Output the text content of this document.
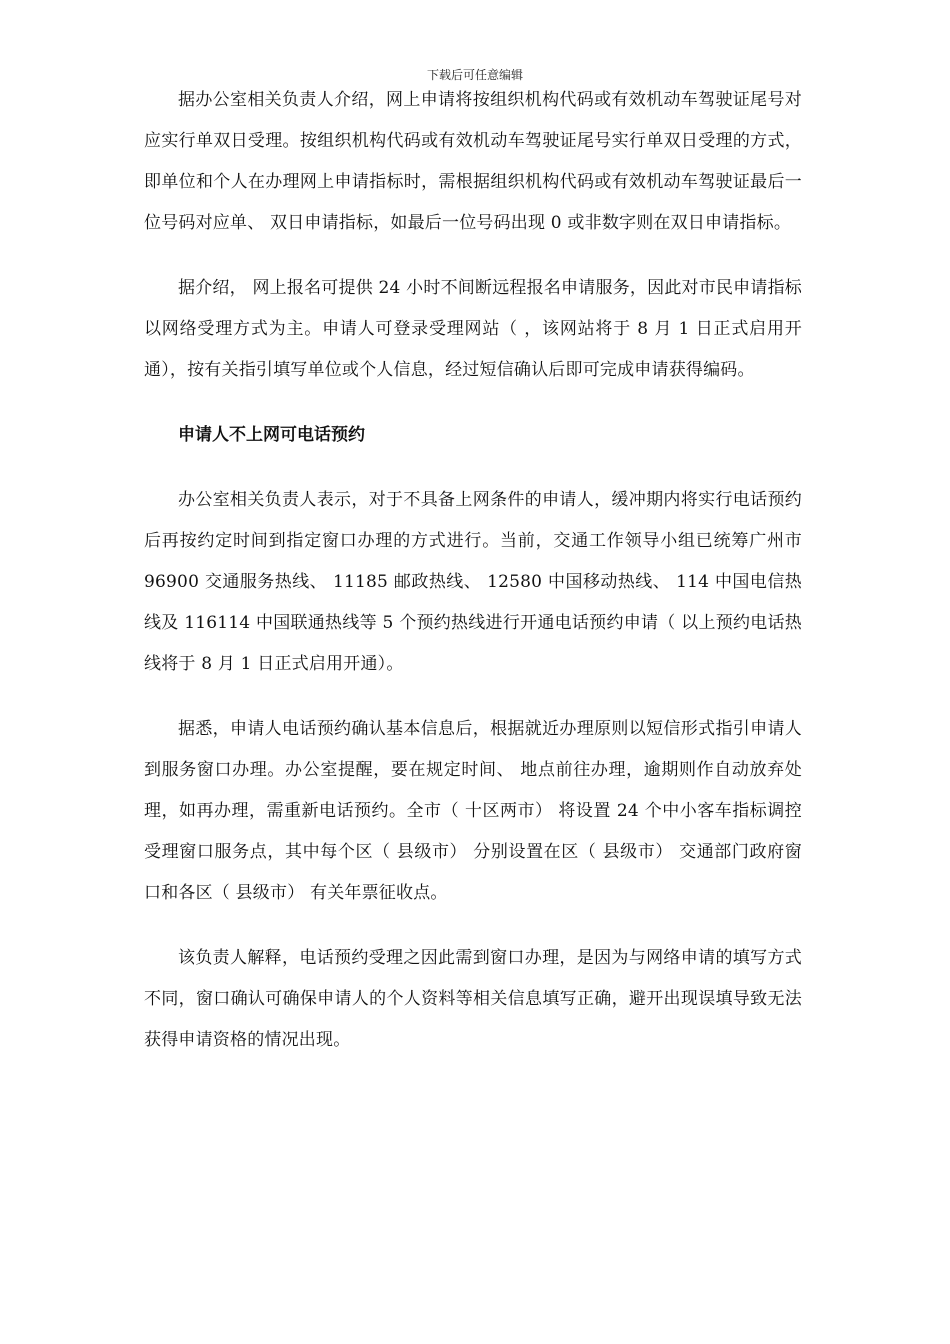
下载后可任意编辑

据办公室相关负责人介绍，网上申请将按组织机构代码或有效机动车驾驶证尾号对应实行单双日受理。按组织机构代码或有效机动车驾驶证尾号实行单双日受理的方式，即单位和个人在办理网上申请指标时，需根据组织机构代码或有效机动车驾驶证最后一位号码对应单、 双日申请指标，如最后一位号码出现 0 或非数字则在双日申请指标。

据介绍， 网上报名可提供 24 小时不间断远程报名申请服务，因此对市民申请指标以网络受理方式为主。申请人可登录受理网站（ ，该网站将于 8 月 1 日正式启用开通），按有关指引填写单位或个人信息，经过短信确认后即可完成申请获得编码。

申请人不上网可电话预约

办公室相关负责人表示，对于不具备上网条件的申请人，缓冲期内将实行电话预约后再按约定时间到指定窗口办理的方式进行。当前，交通工作领导小组已统筹广州市 96900 交通服务热线、 11185 邮政热线、 12580 中国移动热线、 114 中国电信热线及 116114 中国联通热线等 5 个预约热线进行开通电话预约申请（ 以上预约电话热线将于 8 月 1 日正式启用开通）。

据悉，申请人电话预约确认基本信息后，根据就近办理原则以短信形式指引申请人到服务窗口办理。办公室提醒，要在规定时间、 地点前往办理，逾期则作自动放弃处理，如再办理，需重新电话预约。全市（ 十区两市） 将设置 24 个中小客车指标调控受理窗口服务点，其中每个区（ 县级市） 分别设置在区（ 县级市） 交通部门政府窗口和各区（ 县级市） 有关年票征收点。

该负责人解释，电话预约受理之因此需到窗口办理，是因为与网络申请的填写方式不同，窗口确认可确保申请人的个人资料等相关信息填写正确，避开出现误填导致无法获得申请资格的情况出现。
